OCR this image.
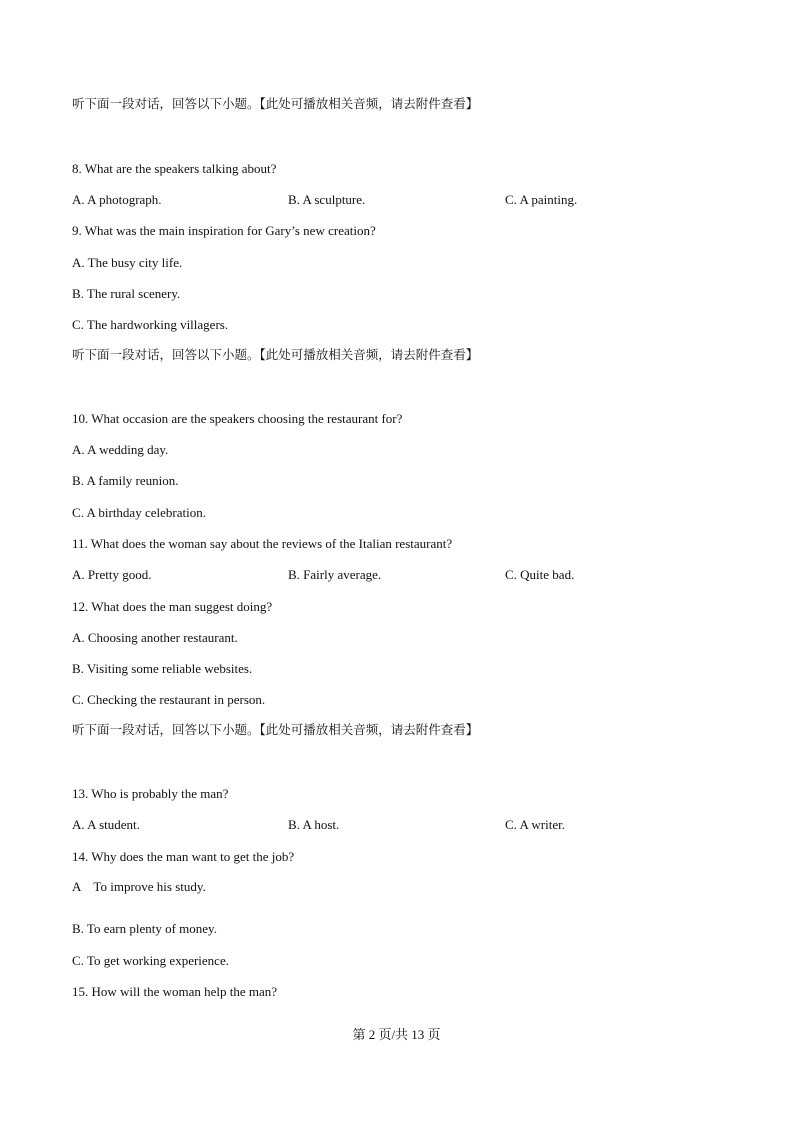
听下面一段对话，回答以下小题。【此处可播放相关音频，请去附件查看】
8. What are the speakers talking about?
A. A photograph.	B. A sculpture.	C. A painting.
9. What was the main inspiration for Gary’s new creation?
A. The busy city life.
B. The rural scenery.
C. The hardworking villagers.
听下面一段对话，回答以下小题。【此处可播放相关音频，请去附件查看】
10. What occasion are the speakers choosing the restaurant for?
A. A wedding day.
B. A family reunion.
C. A birthday celebration.
11. What does the woman say about the reviews of the Italian restaurant?
A. Pretty good.	B. Fairly average.	C. Quite bad.
12. What does the man suggest doing?
A. Choosing another restaurant.
B. Visiting some reliable websites.
C. Checking the restaurant in person.
听下面一段对话，回答以下小题。【此处可播放相关音频，请去附件查看】
13. Who is probably the man?
A. A student.	B. A host.	C. A writer.
14. Why does the man want to get the job?
A    To improve his study.
B. To earn plenty of money.
C. To get working experience.
15. How will the woman help the man?
第 2 页/共 13 页
